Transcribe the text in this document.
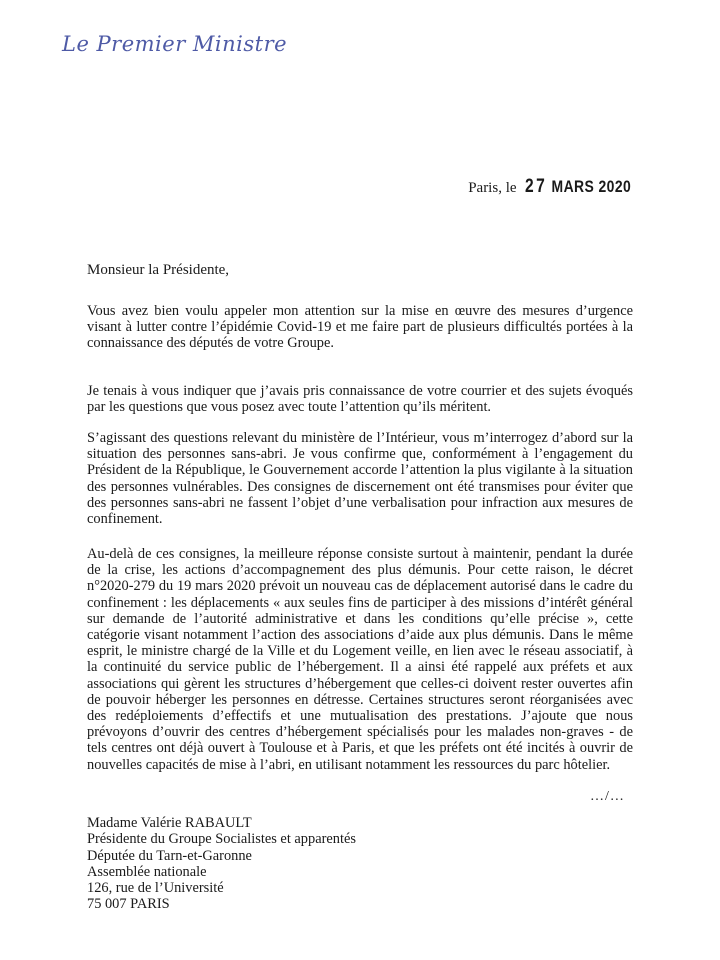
Le Premier Ministre
Paris, le 27 MARS 2020
Monsieur la Présidente,
Vous avez bien voulu appeler mon attention sur la mise en œuvre des mesures d’urgence visant à lutter contre l’épidémie Covid-19 et me faire part de plusieurs difficultés portées à la connaissance des députés de votre Groupe.
Je tenais à vous indiquer que j’avais pris connaissance de votre courrier et des sujets évoqués par les questions que vous posez avec toute l’attention qu’ils méritent.
S’agissant des questions relevant du ministère de l’Intérieur, vous m’interrogez d’abord sur la situation des personnes sans-abri. Je vous confirme que, conformément à l’engagement du Président de la République, le Gouvernement accorde l’attention la plus vigilante à la situation des personnes vulnérables. Des consignes de discernement ont été transmises pour éviter que des personnes sans-abri ne fassent l’objet d’une verbalisation pour infraction aux mesures de confinement.
Au-delà de ces consignes, la meilleure réponse consiste surtout à maintenir, pendant la durée de la crise, les actions d’accompagnement des plus démunis. Pour cette raison, le décret n°2020-279 du 19 mars 2020 prévoit un nouveau cas de déplacement autorisé dans le cadre du confinement : les déplacements « aux seules fins de participer à des missions d’intérêt général sur demande de l’autorité administrative et dans les conditions qu’elle précise », cette catégorie visant notamment l’action des associations d’aide aux plus démunis. Dans le même esprit, le ministre chargé de la Ville et du Logement veille, en lien avec le réseau associatif, à la continuité du service public de l’hébergement. Il a ainsi été rappelé aux préfets et aux associations qui gèrent les structures d’hébergement que celles-ci doivent rester ouvertes afin de pouvoir héberger les personnes en détresse. Certaines structures seront réorganisées avec des redéploiements d’effectifs et une mutualisation des prestations. J’ajoute que nous prévoyons d’ouvrir des centres d’hébergement spécialisés pour les malades non-graves - de tels centres ont déjà ouvert à Toulouse et à Paris, et que les préfets ont été incités à ouvrir de nouvelles capacités de mise à l’abri, en utilisant notamment les ressources du parc hôtelier.
…/…
Madame Valérie RABAULT
Présidente du Groupe Socialistes et apparentés
Députée du Tarn-et-Garonne
Assemblée nationale
126, rue de l’Université
75 007 PARIS
